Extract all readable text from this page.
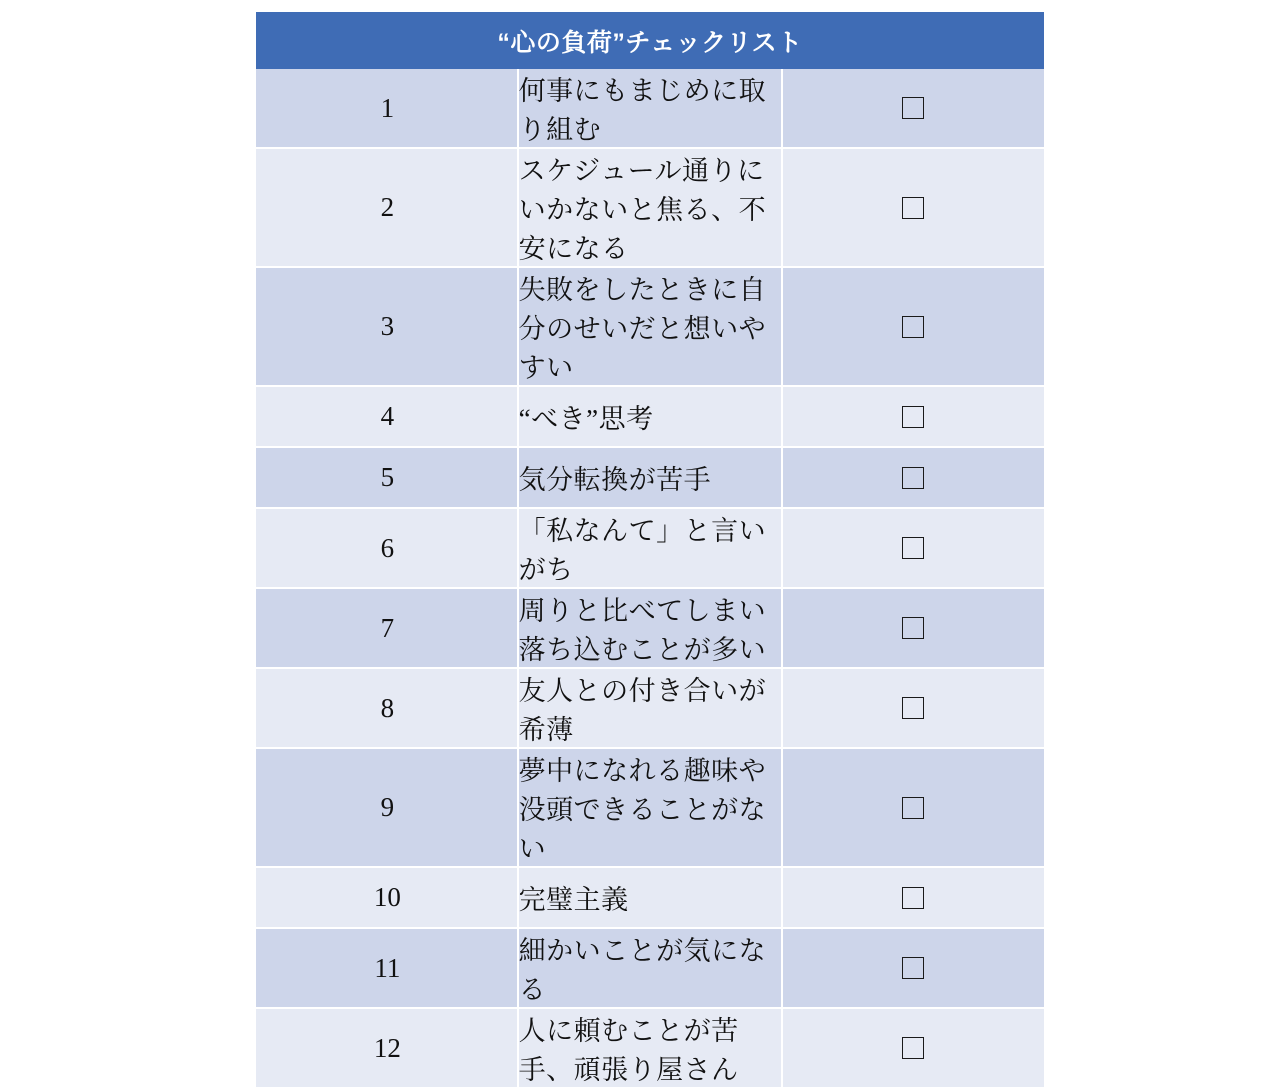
“心の負荷”チェックリスト		
1	何事にもまじめに取り組む	

2	スケジュール通りにいかないと焦る、不安になる	

3	失敗をしたときに自分のせいだと想いやすい	

4	“べき”思考	

5	気分転換が苦手	

6	「私なんて」と言いがち	

7	周りと比べてしまい落ち込むことが多い	

8	友人との付き合いが希薄	

9	夢中になれる趣味や没頭できることがない	

10	完璧主義	

11	細かいことが気になる	

12	人に頼むことが苦手、頑張り屋さん	
